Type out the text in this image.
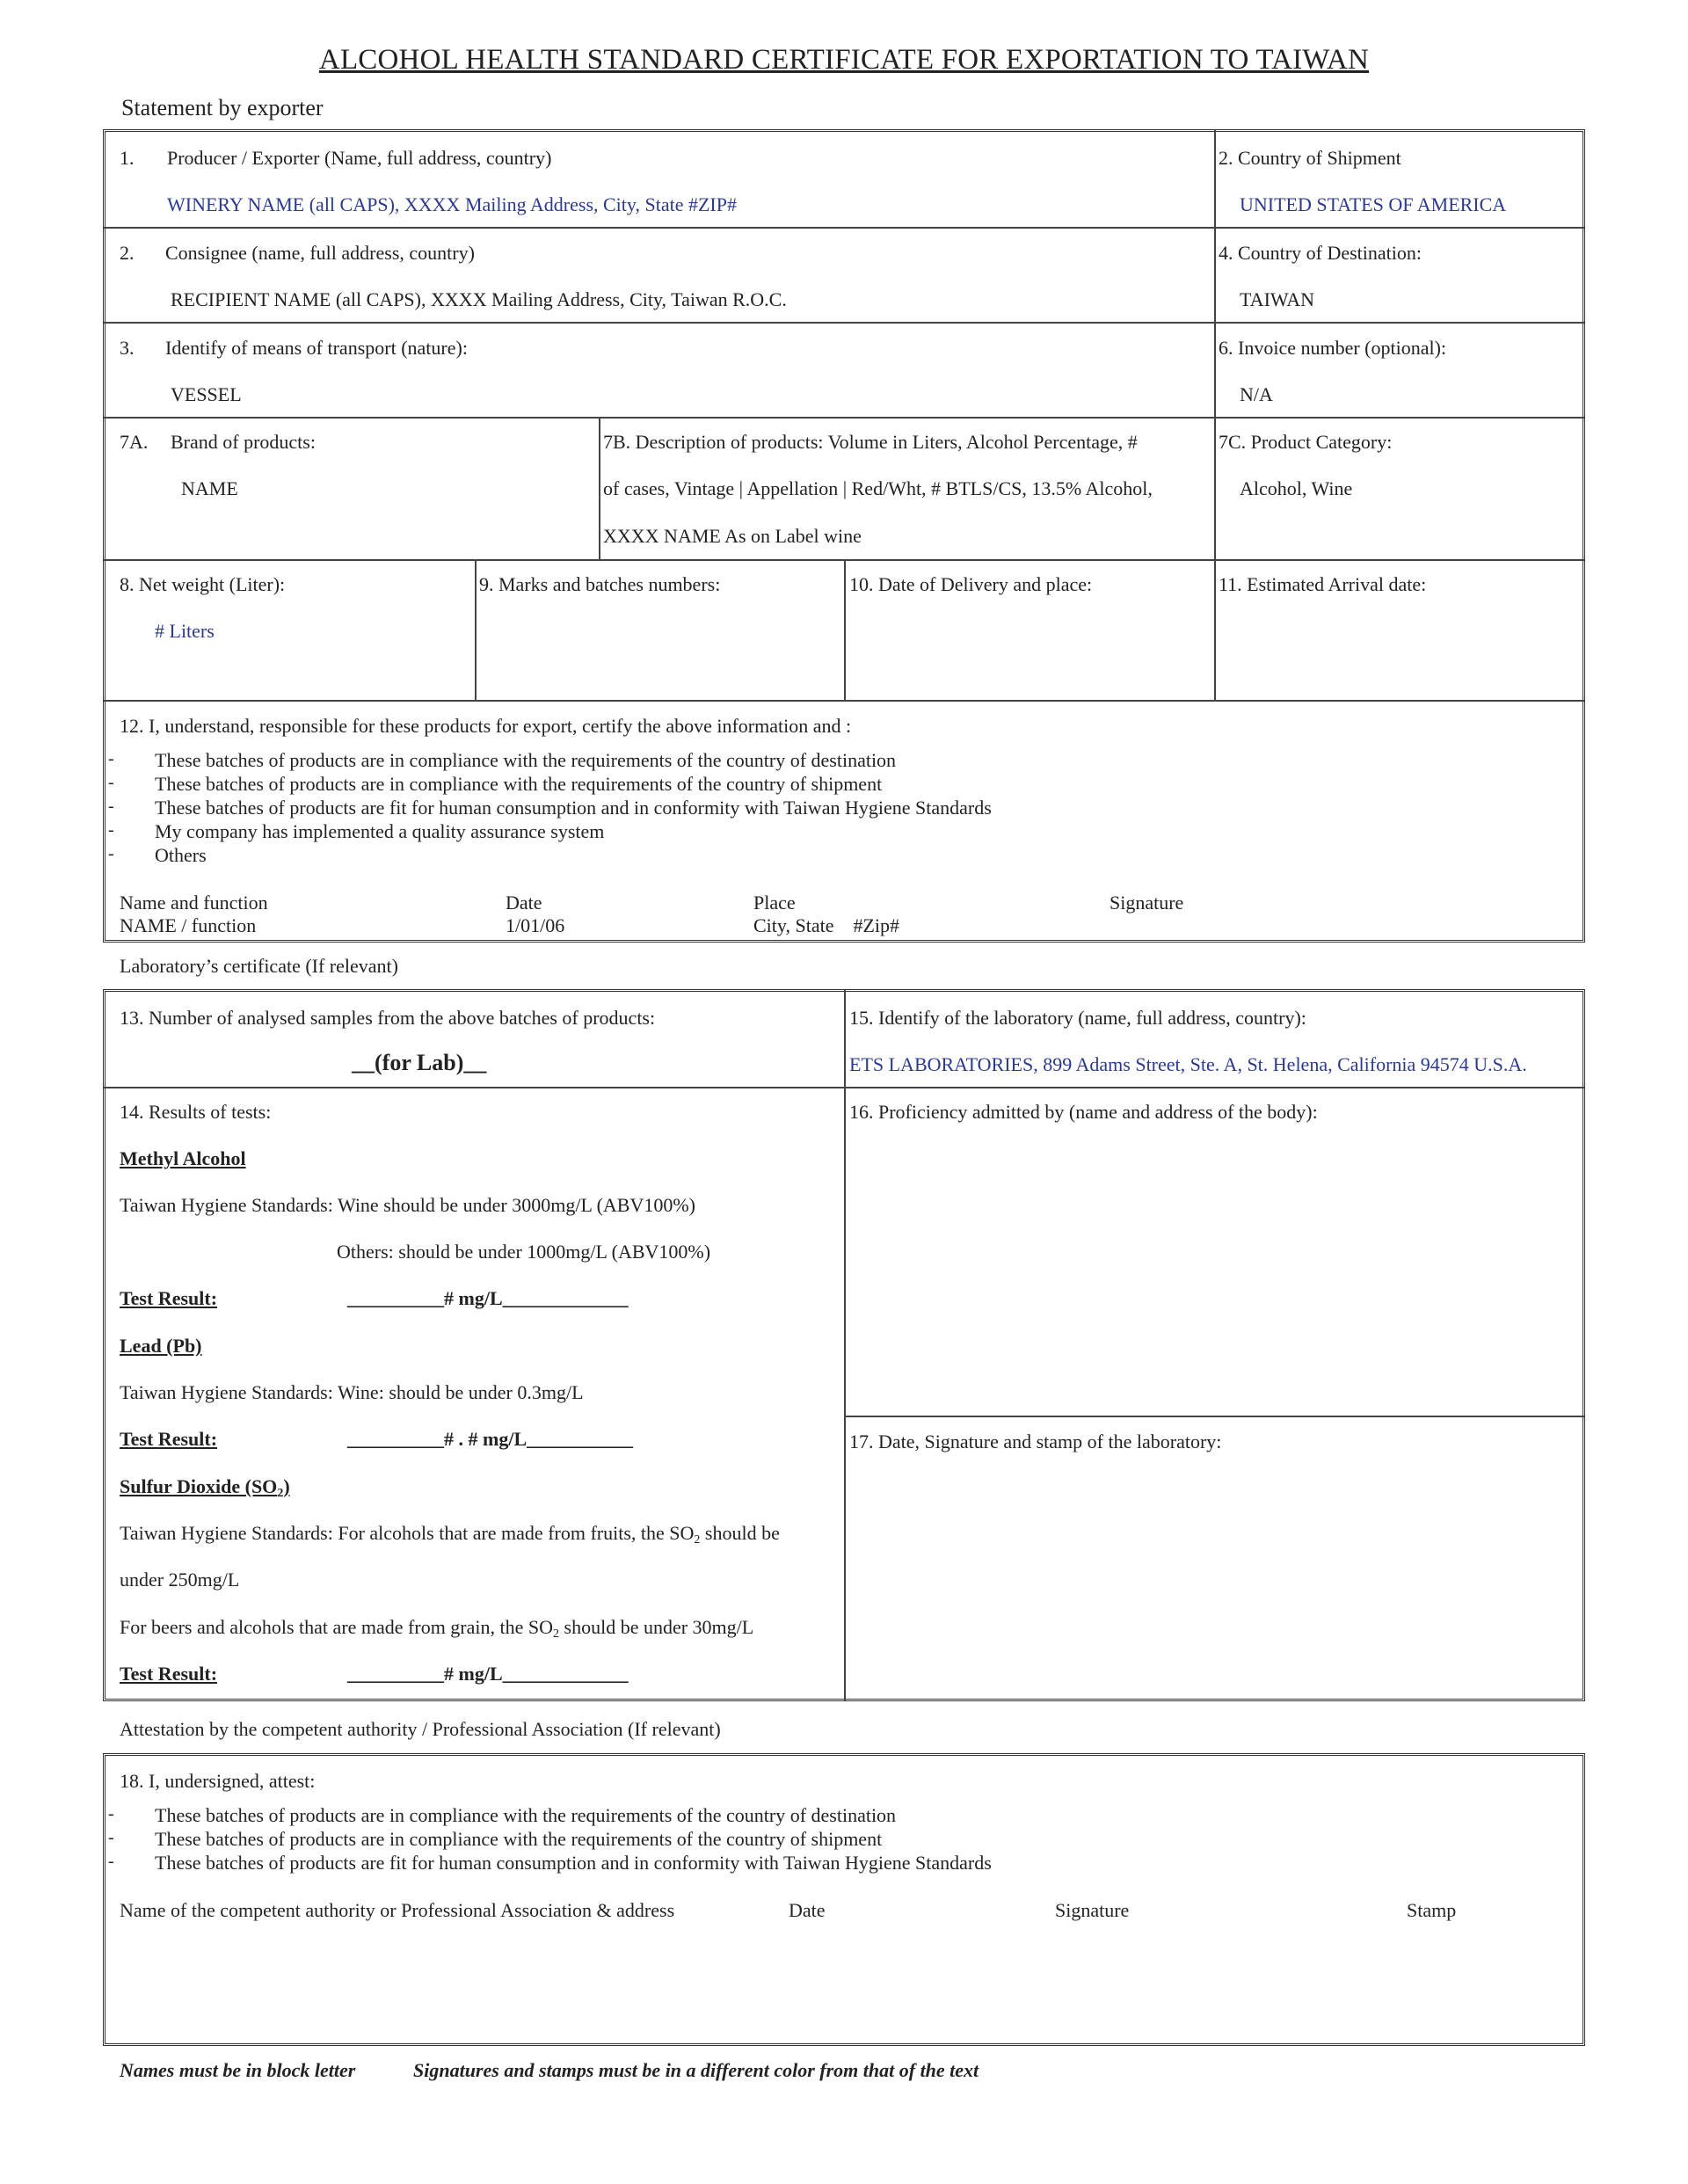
ALCOHOL HEALTH STANDARD CERTIFICATE FOR EXPORTATION TO TAIWAN
Statement by exporter
1. Producer / Exporter (Name, full address, country)
WINERY NAME (all CAPS), XXXX Mailing Address, City, State #ZIP#
2. Country of Shipment
UNITED STATES OF AMERICA
2. Consignee (name, full address, country)
RECIPIENT NAME (all CAPS), XXXX Mailing Address, City, Taiwan R.O.C.
4. Country of Destination:
TAIWAN
3. Identify of means of transport (nature):
VESSEL
6. Invoice number (optional):
N/A
7A. Brand of products:
NAME
7B. Description of products: Volume in Liters, Alcohol Percentage, #
of cases, Vintage | Appellation | Red/Wht, # BTLS/CS, 13.5% Alcohol,
XXXX NAME As on Label wine
7C. Product Category:
Alcohol, Wine
8. Net weight (Liter):
# Liters
9. Marks and batches numbers:	10. Date of Delivery and place:	11. Estimated Arrival date:
12. I, understand, responsible for these products for export, certify the above information and :
- These batches of products are in compliance with the requirements of the country of destination
- These batches of products are in compliance with the requirements of the country of shipment
- These batches of products are fit for human consumption and in conformity with Taiwan Hygiene Standards
- My company has implemented a quality assurance system
- Others
Name and function	Date	Place	Signature
NAME / function	1/01/06	City, State    #Zip#
Laboratory’s certificate (If relevant)
13. Number of analysed samples from the above batches of products:
__(for Lab)__
15. Identify of the laboratory (name, full address, country):
ETS LABORATORIES, 899 Adams Street, Ste. A, St. Helena, California 94574 U.S.A.
14. Results of tests:
Methyl Alcohol
Taiwan Hygiene Standards: Wine should be under 3000mg/L (ABV100%)
Others: should be under 1000mg/L (ABV100%)
Test Result:	__________# mg/L_____________
Lead (Pb)
Taiwan Hygiene Standards: Wine: should be under 0.3mg/L
Test Result:	__________# . # mg/L___________
Sulfur Dioxide $(SO_2)$
Taiwan Hygiene Standards: For alcohols that are made from fruits, the $SO_2$ should be
under 250mg/L
For beers and alcohols that are made from grain, the $SO_2$ should be under 30mg/L
Test Result:	__________# mg/L_____________
16. Proficiency admitted by (name and address of the body):
17. Date, Signature and stamp of the laboratory:
Attestation by the competent authority / Professional Association (If relevant)
18. I, undersigned, attest:
- These batches of products are in compliance with the requirements of the country of destination
- These batches of products are in compliance with the requirements of the country of shipment
- These batches of products are fit for human consumption and in conformity with Taiwan Hygiene Standards
Name of the competent authority or Professional Association & address	Date	Signature	Stamp
Names must be in block letter	Signatures and stamps must be in a different color from that of the text
